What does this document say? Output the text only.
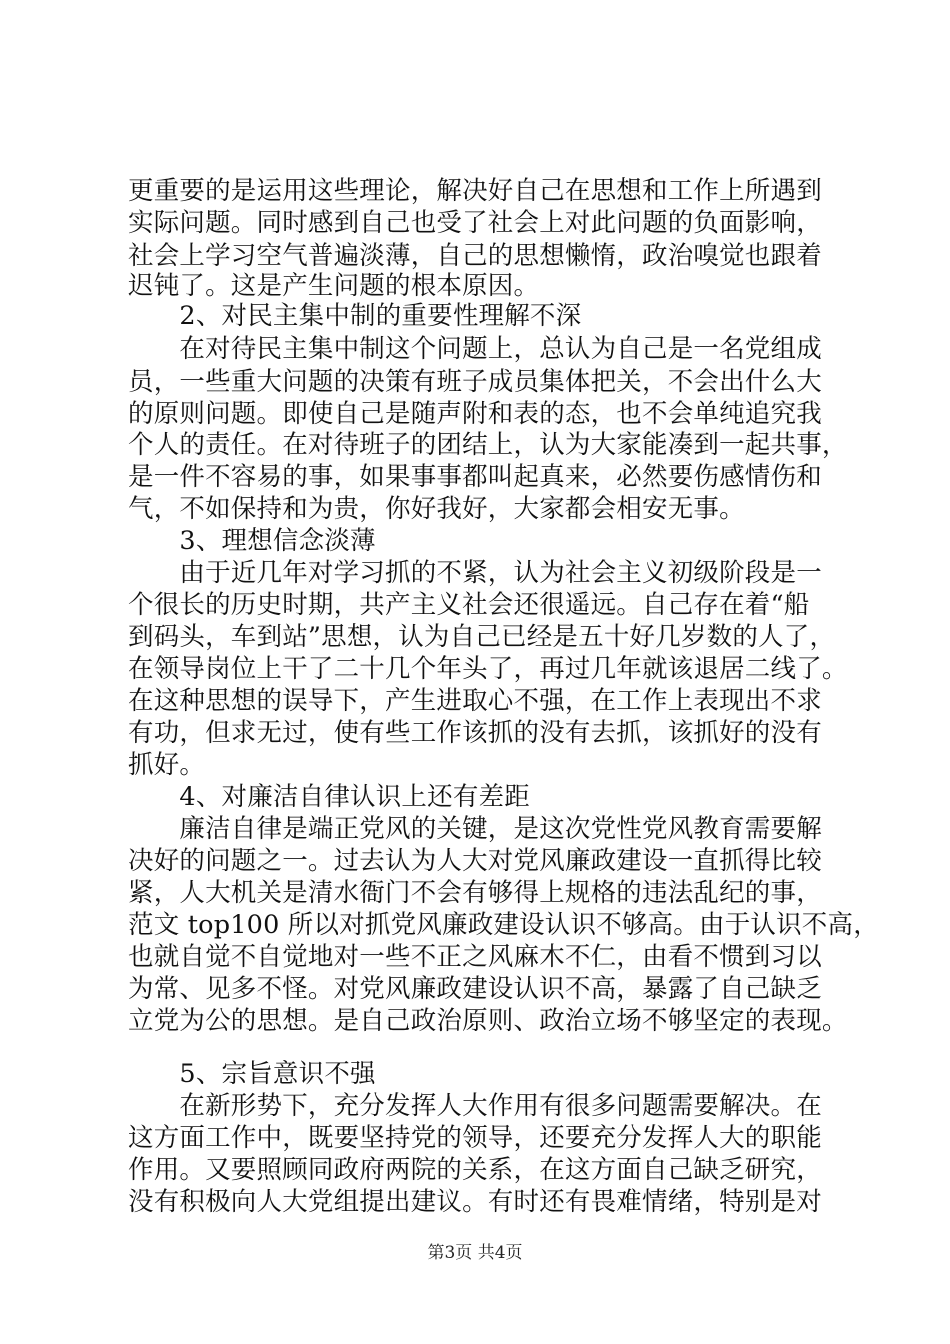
更重要的是运用这些理论，解决好自己在思想和工作上所遇到
实际问题。同时感到自己也受了社会上对此问题的负面影响，
社会上学习空气普遍淡薄，自己的思想懒惰，政治嗅觉也跟着
迟钝了。这是产生问题的根本原因。
　　2、对民主集中制的重要性理解不深
　　在对待民主集中制这个问题上，总认为自己是一名党组成
员，一些重大问题的决策有班子成员集体把关，不会出什么大
的原则问题。即使自己是随声附和表的态，也不会单纯追究我
个人的责任。在对待班子的团结上，认为大家能凑到一起共事，
是一件不容易的事，如果事事都叫起真来，必然要伤感情伤和
气，不如保持和为贵，你好我好，大家都会相安无事。
　　3、理想信念淡薄
　　由于近几年对学习抓的不紧，认为社会主义初级阶段是一
个很长的历史时期，共产主义社会还很遥远。自己存在着“船
到码头，车到站”思想，认为自己已经是五十好几岁数的人了，
在领导岗位上干了二十几个年头了，再过几年就该退居二线了。
在这种思想的误导下，产生进取心不强，在工作上表现出不求
有功，但求无过，使有些工作该抓的没有去抓，该抓好的没有
抓好。
　　4、对廉洁自律认识上还有差距
　　廉洁自律是端正党风的关键，是这次党性党风教育需要解
决好的问题之一。过去认为人大对党风廉政建设一直抓得比较
紧，人大机关是清水衙门不会有够得上规格的违法乱纪的事，
范文 top100 所以对抓党风廉政建设认识不够高。由于认识不高，
也就自觉不自觉地对一些不正之风麻木不仁，由看不惯到习以
为常、见多不怪。对党风廉政建设认识不高，暴露了自己缺乏
立党为公的思想。是自己政治原则、政治立场不够坚定的表现。
　　5、宗旨意识不强
　　在新形势下，充分发挥人大作用有很多问题需要解决。在
这方面工作中，既要坚持党的领导，还要充分发挥人大的职能
作用。又要照顾同政府两院的关系，在这方面自己缺乏研究，
没有积极向人大党组提出建议。有时还有畏难情绪，特别是对
第3页 共4页
